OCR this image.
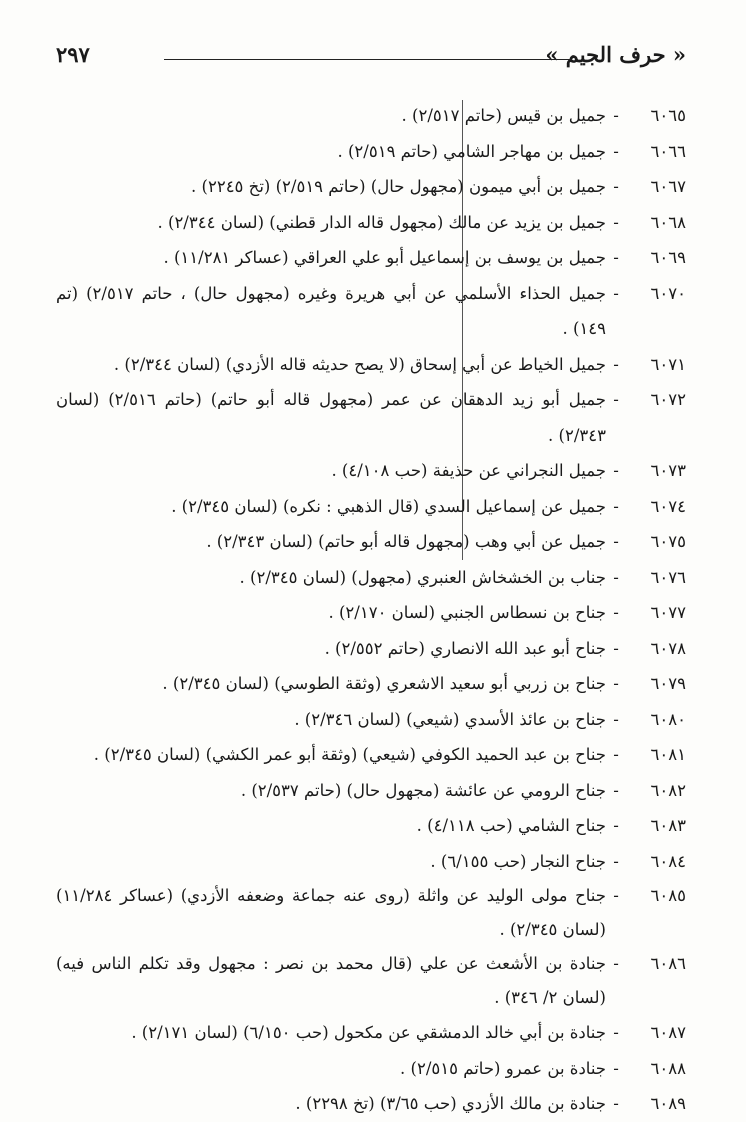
« حرف الجيم »
٢٩٧
٦٠٦٥
-
جميل بن قيس (حاتم ٢/٥١٧) .
٦٠٦٦
-
جميل بن مهاجر الشامي (حاتم ٢/٥١٩) .
٦٠٦٧
-
جميل بن أبي ميمون (مجهول حال) (حاتم ٢/٥١٩) (تخ ٢٢٤٥) .
٦٠٦٨
-
جميل بن يزيد عن مالك (مجهول قاله الدار قطني) (لسان ٢/٣٤٤) .
٦٠٦٩
-
جميل بن يوسف بن إسماعيل أبو علي العراقي (عساكر ١١/٢٨١) .
٦٠٧٠
-
جميل الحذاء الأسلمي عن أبي هريرة وغيره (مجهول حال) ، حاتم ٢/٥١٧) (تم ١٤٩) .
٦٠٧١
-
جميل الخياط عن أبي إسحاق (لا يصح حديثه قاله الأزدي) (لسان ٢/٣٤٤) .
٦٠٧٢
-
جميل أبو زيد الدهقان عن عمر (مجهول قاله أبو حاتم) (حاتم ٢/٥١٦) (لسان ٢/٣٤٣) .
٦٠٧٣
-
جميل النجراني عن حذيفة (حب ٤/١٠٨) .
٦٠٧٤
-
جميل عن إسماعيل السدي (قال الذهبي : نكره) (لسان ٢/٣٤٥) .
٦٠٧٥
-
جميل عن أبي وهب (مجهول قاله أبو حاتم) (لسان ٢/٣٤٣) .
٦٠٧٦
-
جناب بن الخشخاش العنبري (مجهول) (لسان ٢/٣٤٥) .
٦٠٧٧
-
جناح بن نسطاس الجنبي (لسان ٢/١٧٠) .
٦٠٧٨
-
جناح أبو عبد الله الانصاري (حاتم ٢/٥٥٢) .
٦٠٧٩
-
جناح بن زربي أبو سعيد الاشعري (وثقة الطوسي) (لسان ٢/٣٤٥) .
٦٠٨٠
-
جناح بن عائذ الأسدي (شيعي) (لسان ٢/٣٤٦) .
٦٠٨١
-
جناح بن عبد الحميد الكوفي (شيعي) (وثقة أبو عمر الكشي) (لسان ٢/٣٤٥) .
٦٠٨٢
-
جناح الرومي عن عائشة (مجهول حال) (حاتم ٢/٥٣٧) .
٦٠٨٣
-
جناح الشامي (حب ٤/١١٨) .
٦٠٨٤
-
جناح النجار (حب ٦/١٥٥) .
٦٠٨٥
-
جناح مولى الوليد عن واثلة (روى عنه جماعة وضعفه الأزدي) (عساكر ١١/٢٨٤) (لسان ٢/٣٤٥) .
٦٠٨٦
-
جنادة بن الأشعث عن علي (قال محمد بن نصر : مجهول وقد تكلم الناس فيه) (لسان ٢/ ٣٤٦) .
٦٠٨٧
-
جنادة بن أبي خالد الدمشقي عن مكحول (حب ٦/١٥٠) (لسان ٢/١٧١) .
٦٠٨٨
-
جنادة بن عمرو (حاتم ٢/٥١٥) .
٦٠٨٩
-
جنادة بن مالك الأزدي (حب ٣/٦٥) (تخ ٢٢٩٨) .
